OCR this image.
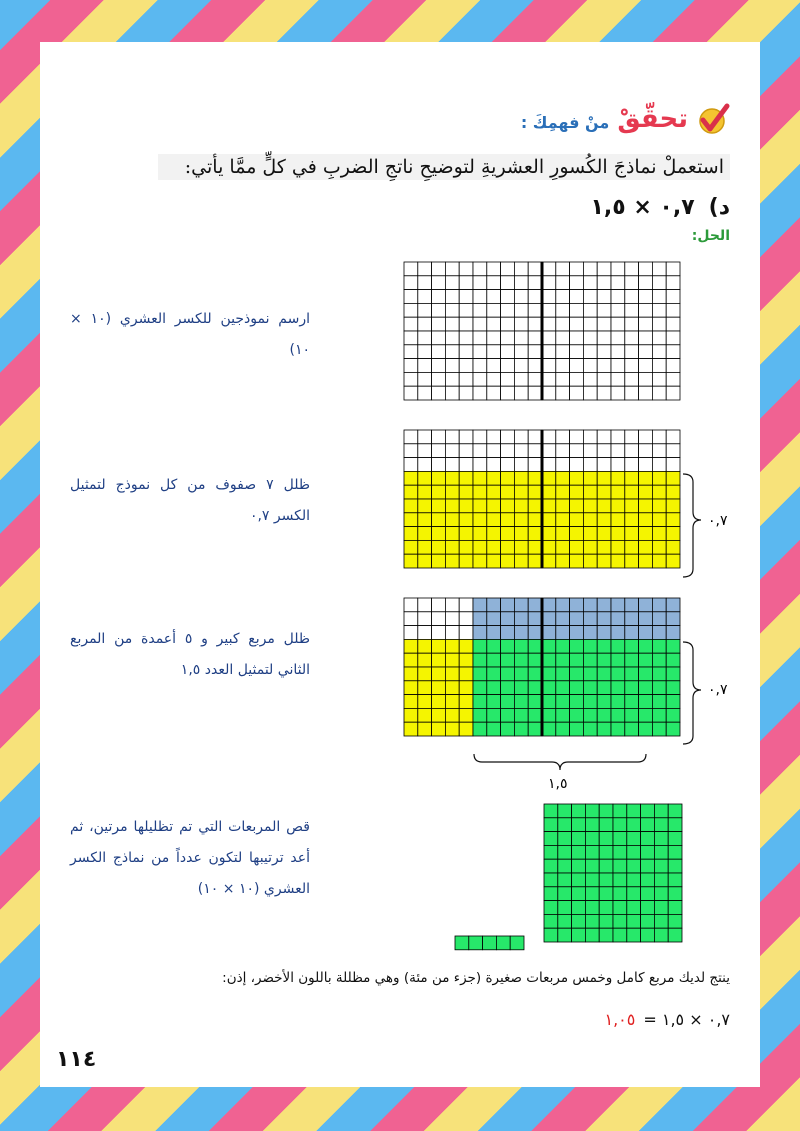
تحقّقْ
منْ فهمِكَ :
استعملْ نماذجَ الكُسورِ العشريةِ لتوضيحِ ناتجِ الضربِ في كلٍّ ممَّا يأتي:
د)
٠,٧ × ١,٥
الحل:
ارسم نموذجين للكسر العشري (١٠ × ١٠)
ظلل ٧ صفوف من كل نموذج لتمثيل الكسر ٠,٧
ظلل مربع كبير و ٥ أعمدة من المربع الثاني لتمثيل العدد ١,٥
قص المربعات التي تم تظليلها مرتين، ثم أعد ترتيبها لتكون عدداً من نماذج الكسر العشري (١٠ × ١٠)
٠,٧
٠,٧
١,٥
ينتج لديك مربع كامل وخمس مربعات صغيرة (جزء من مئة) وهي مظللة باللون الأخضر، إذن:
١,٠٥ ٠,٧ × ١,٥ =
١١٤
